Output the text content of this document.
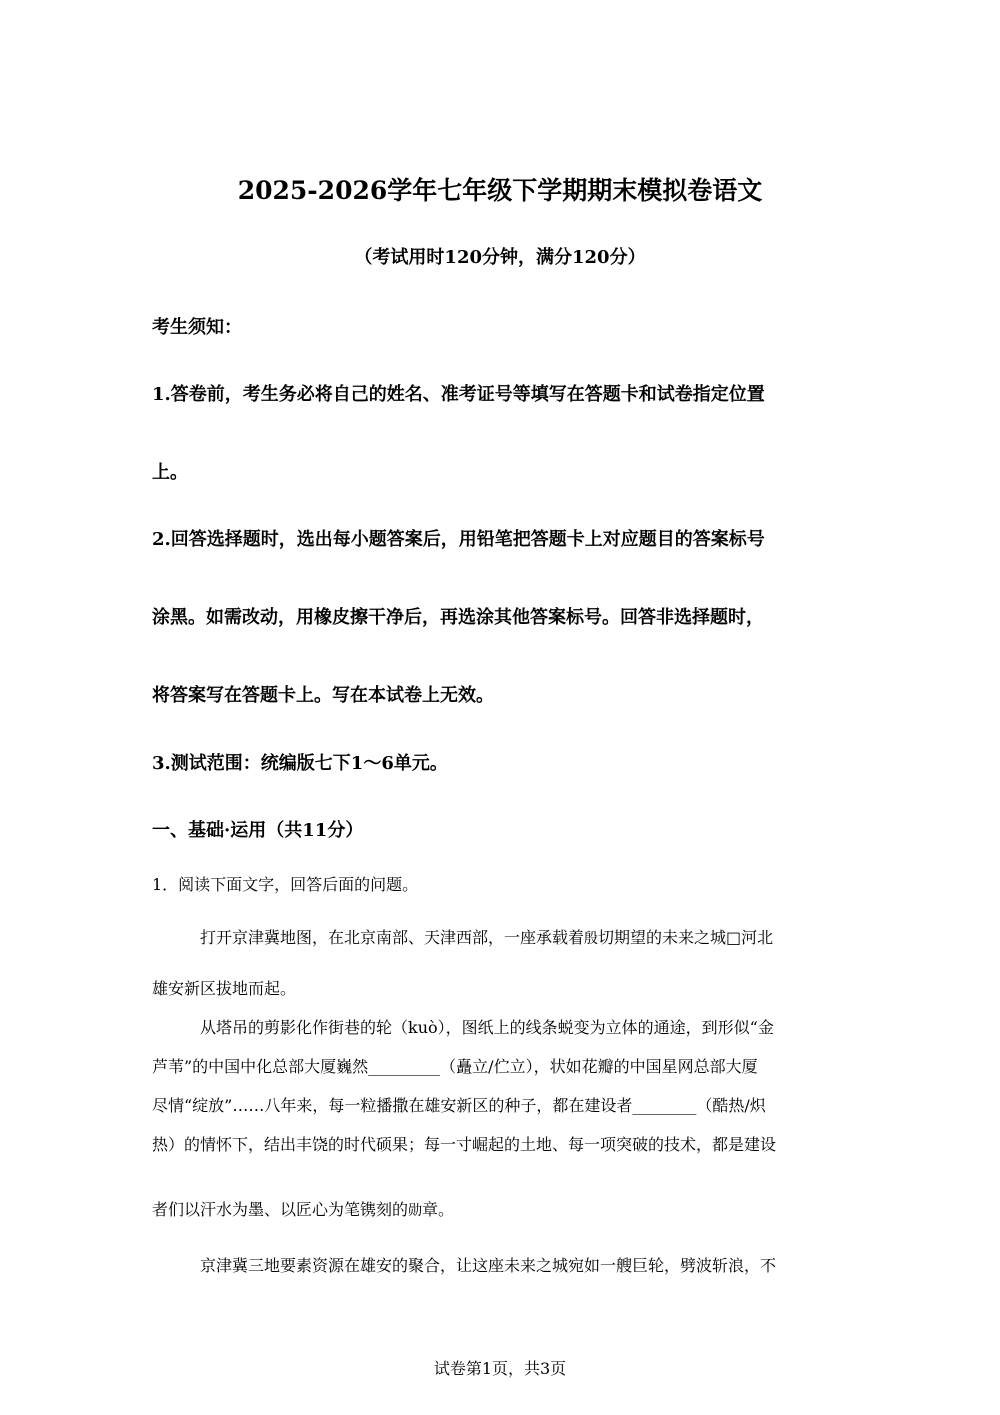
2025-2026学年七年级下学期期末模拟卷语文
（考试用时120分钟，满分120分）
考生须知：
1.答卷前，考生务必将自己的姓名、准考证号等填写在答题卡和试卷指定位置
上。
2.回答选择题时，选出每小题答案后，用铅笔把答题卡上对应题目的答案标号
涂黑。如需改动，用橡皮擦干净后，再选涂其他答案标号。回答非选择题时，
将答案写在答题卡上。写在本试卷上无效。
3.测试范围：统编版七下1～6单元。
一、基础·运用（共11分）
1．阅读下面文字，回答后面的问题。
打开京津冀地图，在北京南部、天津西部，一座承载着殷切期望的未来之城□河北
雄安新区拔地而起。
从塔吊的剪影化作街巷的轮（kuò），图纸上的线条蜕变为立体的通途，到形似“金
芦苇”的中国中化总部大厦巍然_________（矗立/伫立），状如花瓣的中国星网总部大厦
尽情“绽放”……八年来，每一粒播撒在雄安新区的种子，都在建设者________（酷热/炽
热）的情怀下，结出丰饶的时代硕果；每一寸崛起的土地、每一项突破的技术，都是建设
者们以汗水为墨、以匠心为笔镌刻的勋章。
京津冀三地要素资源在雄安的聚合，让这座未来之城宛如一艘巨轮，劈波斩浪，不
试卷第1页，共3页
